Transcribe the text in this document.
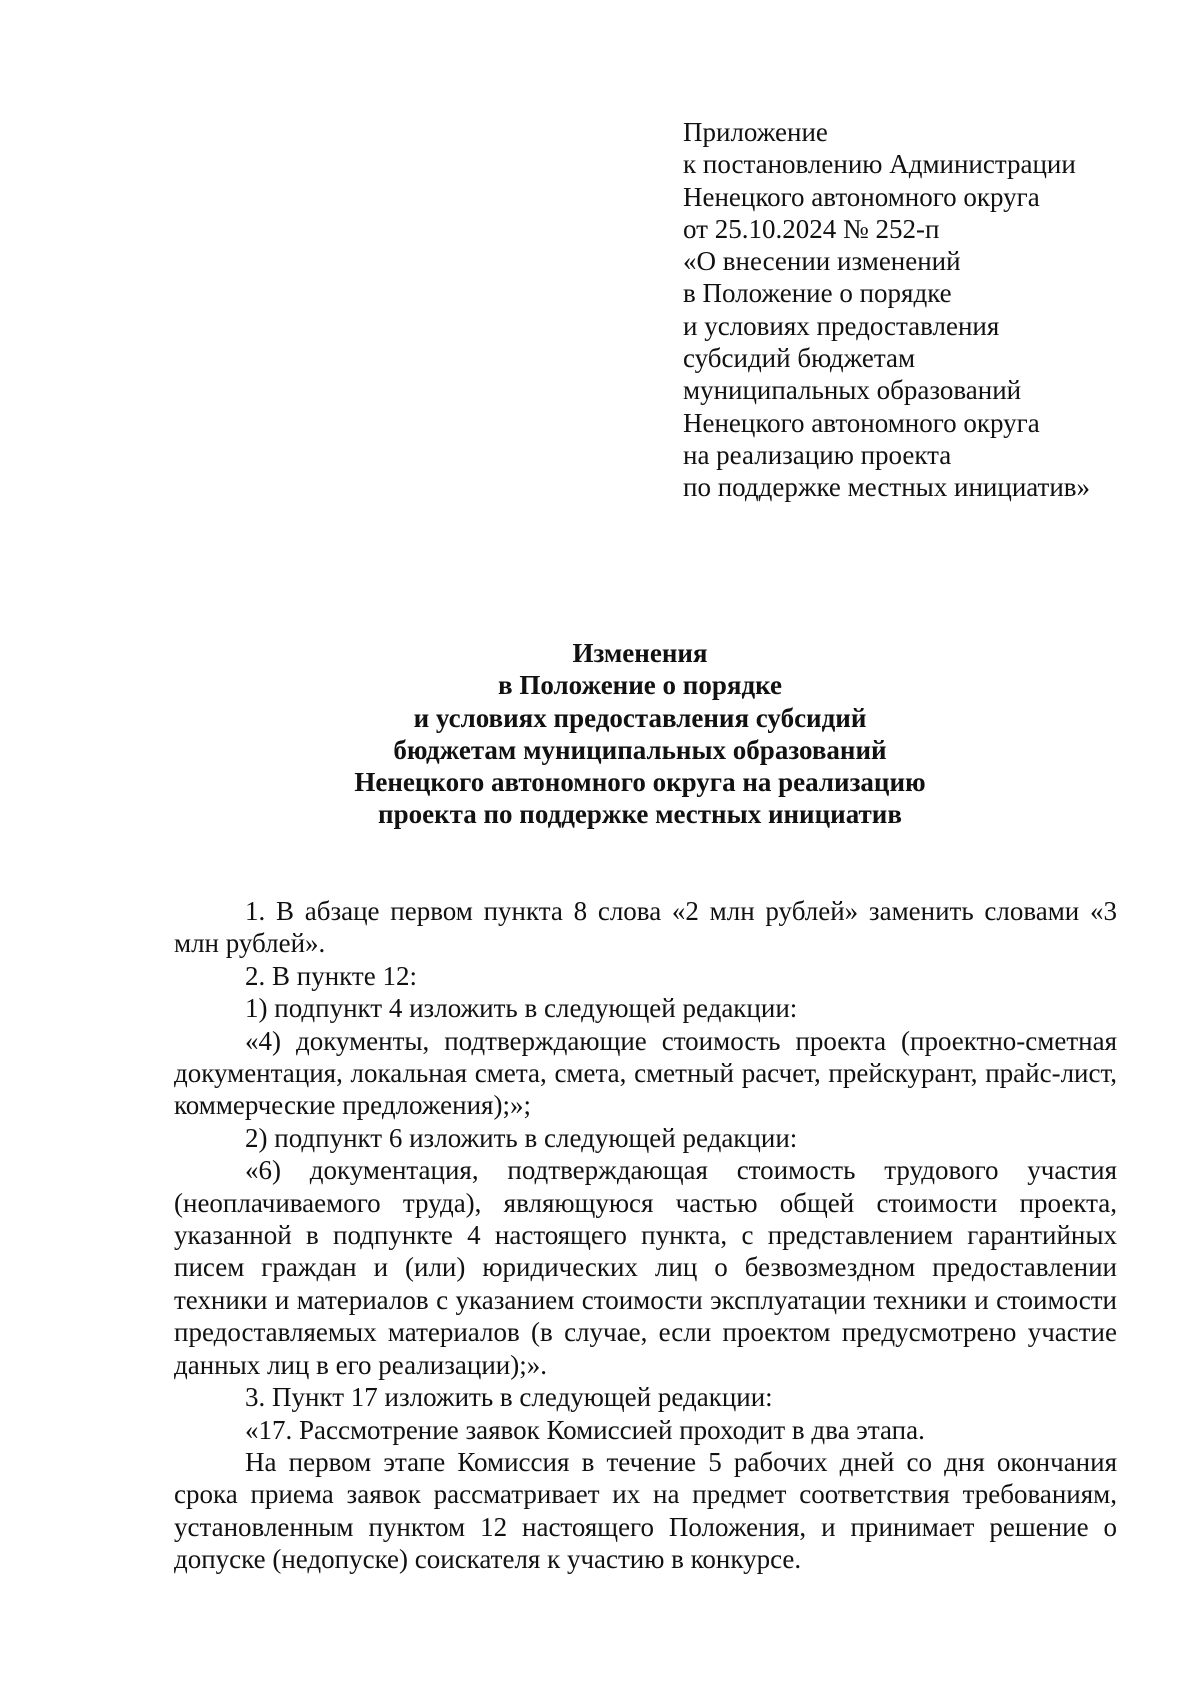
Приложение
к постановлению Администрации
Ненецкого автономного округа
от 25.10.2024 № 252-п
«О внесении изменений
в Положение о порядке
и условиях предоставления
субсидий бюджетам
муниципальных образований
Ненецкого автономного округа
на реализацию проекта
по поддержке местных инициатив»
Изменения
в Положение о порядке
и условиях предоставления субсидий
бюджетам муниципальных образований
Ненецкого автономного округа на реализацию
проекта по поддержке местных инициатив

1. В абзаце первом пункта 8 слова «2 млн рублей» заменить словами «3 млн рублей».

2. В пункте 12:

1) подпункт 4 изложить в следующей редакции:

«4) документы, подтверждающие стоимость проекта (проектно-сметная документация, локальная смета, смета, сметный расчет, прейскурант, прайс-лист, коммерческие предложения);»;

2) подпункт 6 изложить в следующей редакции:

«6) документация, подтверждающая стоимость трудового участия (неоплачиваемого труда), являющуюся частью общей стоимости проекта, указанной в подпункте 4 настоящего пункта, с представлением гарантийных писем граждан и (или) юридических лиц о безвозмездном предоставлении техники и материалов с указанием стоимости эксплуатации техники и стоимости предоставляемых материалов (в случае, если проектом предусмотрено участие данных лиц в его реализации);».

3. Пункт 17 изложить в следующей редакции:

«17. Рассмотрение заявок Комиссией проходит в два этапа.

На первом этапе Комиссия в течение 5 рабочих дней со дня окончания срока приема заявок рассматривает их на предмет соответствия требованиям, установленным пунктом 12 настоящего Положения, и принимает решение о допуске (недопуске) соискателя к участию в конкурсе.
